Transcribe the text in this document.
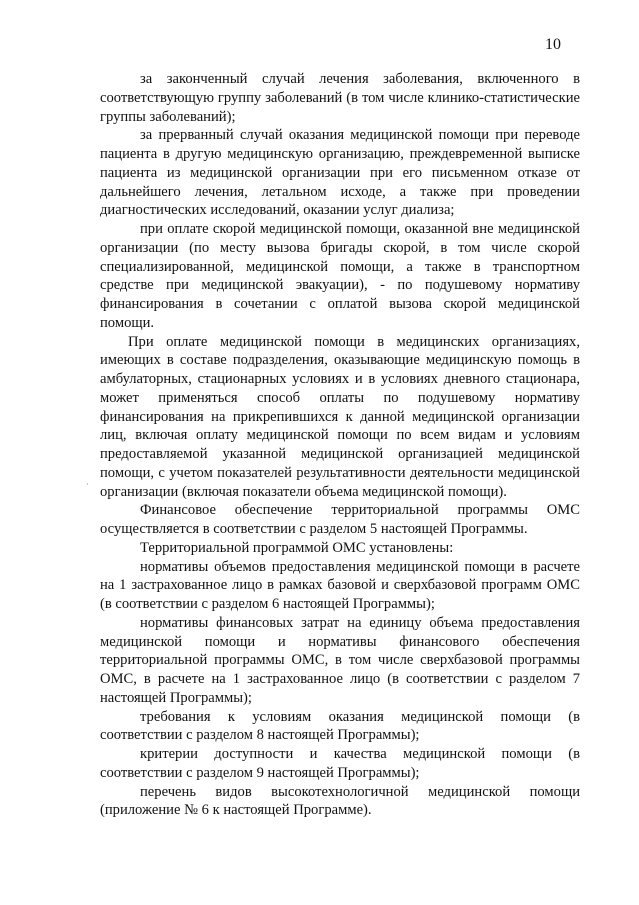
10

за законченный случай лечения заболевания, включенного в соответствующую группу заболеваний (в том числе клинико-статистические группы заболеваний);

за прерванный случай оказания медицинской помощи при переводе пациента в другую медицинскую организацию, преждевременной выписке пациента из медицинской организации при его письменном отказе от дальнейшего лечения, летальном исходе, а также при проведении диагностических исследований, оказании услуг диализа;

при оплате скорой медицинской помощи, оказанной вне медицинской организации (по месту вызова бригады скорой, в том числе скорой специализированной, медицинской помощи, а также в транспортном средстве при медицинской эвакуации), - по подушевому нормативу финансирования в сочетании с оплатой вызова скорой медицинской помощи.

При оплате медицинской помощи в медицинских организациях, имеющих в составе подразделения, оказывающие медицинскую помощь в амбулаторных, стационарных условиях и в условиях дневного стационара, может применяться способ оплаты по подушевому нормативу финансирования на прикрепившихся к данной медицинской организации лиц, включая оплату медицинской помощи по всем видам и условиям предоставляемой указанной медицинской организацией медицинской помощи, с учетом показателей результативности деятельности медицинской организации (включая показатели объема медицинской помощи).

Финансовое обеспечение территориальной программы ОМС осуществляется в соответствии с разделом 5 настоящей Программы.

Территориальной программой ОМС установлены:

нормативы объемов предоставления медицинской помощи в расчете на 1 застрахованное лицо в рамках базовой и сверхбазовой программ ОМС (в соответствии с разделом 6 настоящей Программы);

нормативы финансовых затрат на единицу объема предоставления медицинской помощи и нормативы финансового обеспечения территориальной программы ОМС, в том числе сверхбазовой программы ОМС, в расчете на 1 застрахованное лицо (в соответствии с разделом 7 настоящей Программы);

требования к условиям оказания медицинской помощи (в соответствии с разделом 8 настоящей Программы);

критерии доступности и качества медицинской помощи (в соответствии с разделом 9 настоящей Программы);

перечень видов высокотехнологичной медицинской помощи (приложение № 6 к настоящей Программе).

·
